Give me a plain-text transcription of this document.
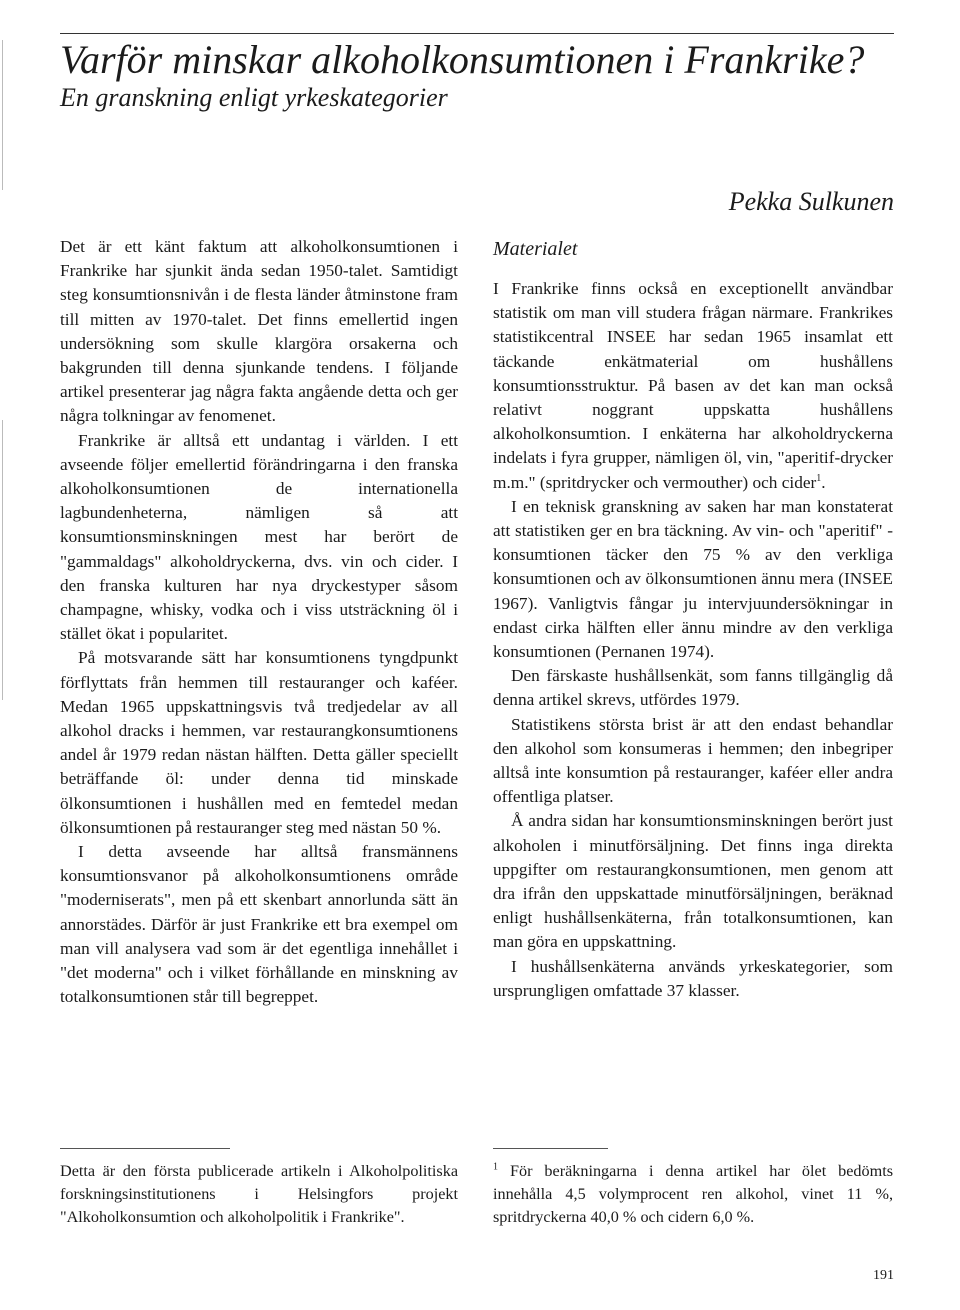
Varför minskar alkoholkonsumtionen i Frankrike?
En granskning enligt yrkeskategorier
Pekka Sulkunen

Det är ett känt faktum att alkoholkonsumtionen i Frankrike har sjunkit ända sedan 1950-talet. Samtidigt steg konsumtionsnivån i de flesta länder åtminstone fram till mitten av 1970-talet. Det finns emellertid ingen undersökning som skulle klargöra orsakerna och bakgrunden till denna sjunkande tendens. I följande artikel presenterar jag några fakta angående detta och ger några tolkningar av fenomenet.

Frankrike är alltså ett undantag i världen. I ett avseende följer emellertid förändringarna i den franska alkoholkonsumtionen de internationella lagbundenheterna, nämligen så att konsumtionsminskningen mest har berört de "gammaldags" alkoholdryckerna, dvs. vin och cider. I den franska kulturen har nya dryckestyper såsom champagne, whisky, vodka och i viss utsträckning öl i stället ökat i popularitet.

På motsvarande sätt har konsumtionens tyngdpunkt förflyttats från hemmen till restauranger och kaféer. Medan 1965 uppskattningsvis två tredjedelar av all alkohol dracks i hemmen, var restaurangkonsumtionens andel år 1979 redan nästan hälften. Detta gäller speciellt beträffande öl: under denna tid minskade ölkonsumtionen i hushållen med en femtedel medan ölkonsumtionen på restauranger steg med nästan 50 %.

I detta avseende har alltså fransmännens konsumtionsvanor på alkoholkonsumtionens område "moderniserats", men på ett skenbart annorlunda sätt än annorstädes. Därför är just Frankrike ett bra exempel om man vill analysera vad som är det egentliga innehållet i "det moderna" och i vilket förhållande en minskning av totalkonsumtionen står till begreppet.

Materialet

I Frankrike finns också en exceptionellt användbar statistik om man vill studera frågan närmare. Frankrikes statistikcentral INSEE har sedan 1965 insamlat ett täckande enkätmaterial om hushållens konsumtionsstruktur. På basen av det kan man också relativt noggrant uppskatta hushållens alkoholkonsumtion. I enkäterna har alkoholdryckerna indelats i fyra grupper, nämligen öl, vin, "aperitif-drycker m.m." (spritdrycker och vermouther) och cider$^1$.

I en teknisk granskning av saken har man konstaterat att statistiken ger en bra täckning. Av vin- och "aperitif" -konsumtionen täcker den 75 % av den verkliga konsumtionen och av ölkonsumtionen ännu mera (INSEE 1967). Vanligtvis fångar ju intervjuundersökningar in endast cirka hälften eller ännu mindre av den verkliga konsumtionen (Pernanen 1974).

Den färskaste hushållsenkät, som fanns tillgänglig då denna artikel skrevs, utfördes 1979.

Statistikens största brist är att den endast behandlar den alkohol som konsumeras i hemmen; den inbegriper alltså inte konsumtion på restauranger, kaféer eller andra offentliga platser.

Å andra sidan har konsumtionsminskningen berört just alkoholen i minutförsäljning. Det finns inga direkta uppgifter om restaurangkonsumtionen, men genom att dra ifrån den uppskattade minutförsäljningen, beräknad enligt hushållsenkäterna, från totalkonsumtionen, kan man göra en uppskattning.

I hushållsenkäterna används yrkeskategorier, som ursprungligen omfattade 37 klasser.

Detta är den första publicerade artikeln i Alkoholpolitiska forskningsinstitutionens i Helsingfors projekt "Alkoholkonsumtion och alkoholpolitik i Frankrike".

$^1$ För beräkningarna i denna artikel har ölet bedömts innehålla 4,5 volymprocent ren alkohol, vinet 11 %, spritdryckerna 40,0 % och cidern 6,0 %.

191
